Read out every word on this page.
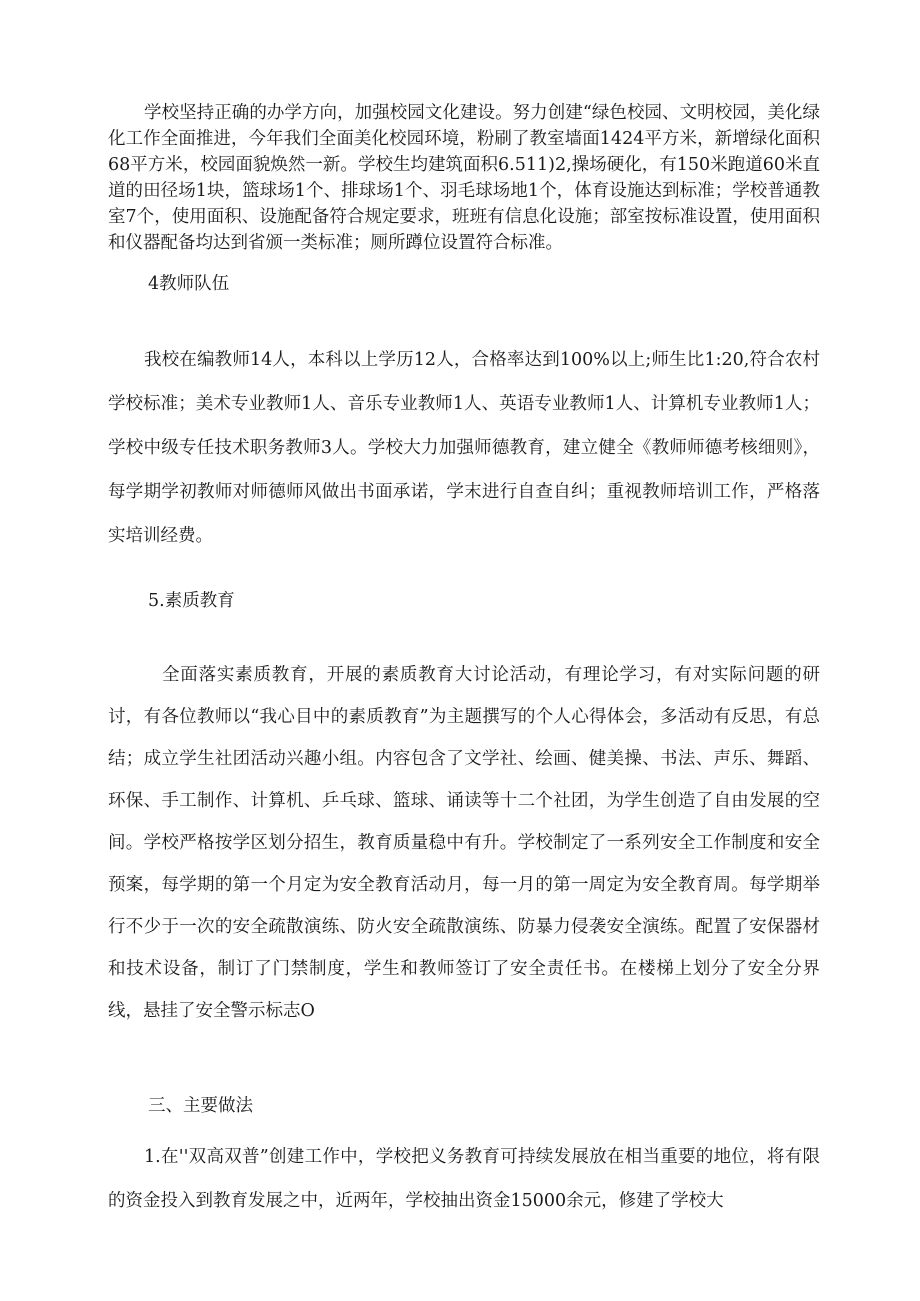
学校坚持正确的办学方向，加强校园文化建设。努力创建“绿色校园、文明校园，美化绿化工作全面推进，今年我们全面美化校园环境，粉刷了教室墙面1424平方米，新增绿化面积68平方米，校园面貌焕然一新。学校生均建筑面积6.511)2,操场硬化，有150米跑道60米直道的田径场1块，篮球场1个、排球场1个、羽毛球场地1个，体育设施达到标准；学校普通教室7个，使用面积、设施配备符合规定要求，班班有信息化设施；部室按标准设置，使用面积和仪器配备均达到省颁一类标准；厕所蹲位设置符合标准。

4教师队伍

我校在编教师14人，本科以上学历12人，合格率达到100%以上;师生比1:20,符合农村学校标准；美术专业教师1人、音乐专业教师1人、英语专业教师1人、计算机专业教师1人；学校中级专任技术职务教师3人。学校大力加强师德教育，建立健全《教师师德考核细则》，每学期学初教师对师德师风做出书面承诺，学末进行自查自纠；重视教师培训工作，严格落实培训经费。

5.素质教育

全面落实素质教育，开展的素质教育大讨论活动，有理论学习，有对实际问题的研讨，有各位教师以“我心目中的素质教育”为主题撰写的个人心得体会，多活动有反思，有总结；成立学生社团活动兴趣小组。内容包含了文学社、绘画、健美操、书法、声乐、舞蹈、环保、手工制作、计算机、乒乓球、篮球、诵读等十二个社团，为学生创造了自由发展的空间。学校严格按学区划分招生，教育质量稳中有升。学校制定了一系列安全工作制度和安全预案，每学期的第一个月定为安全教育活动月，每一月的第一周定为安全教育周。每学期举行不少于一次的安全疏散演练、防火安全疏散演练、防暴力侵袭安全演练。配置了安保器材和技术设备，制订了门禁制度，学生和教师签订了安全责任书。在楼梯上划分了安全分界线，悬挂了安全警示标志O

三、主要做法

1.在''双高双普”创建工作中，学校把义务教育可持续发展放在相当重要的地位，将有限的资金投入到教育发展之中，近两年，学校抽出资金15000余元，修建了学校大
